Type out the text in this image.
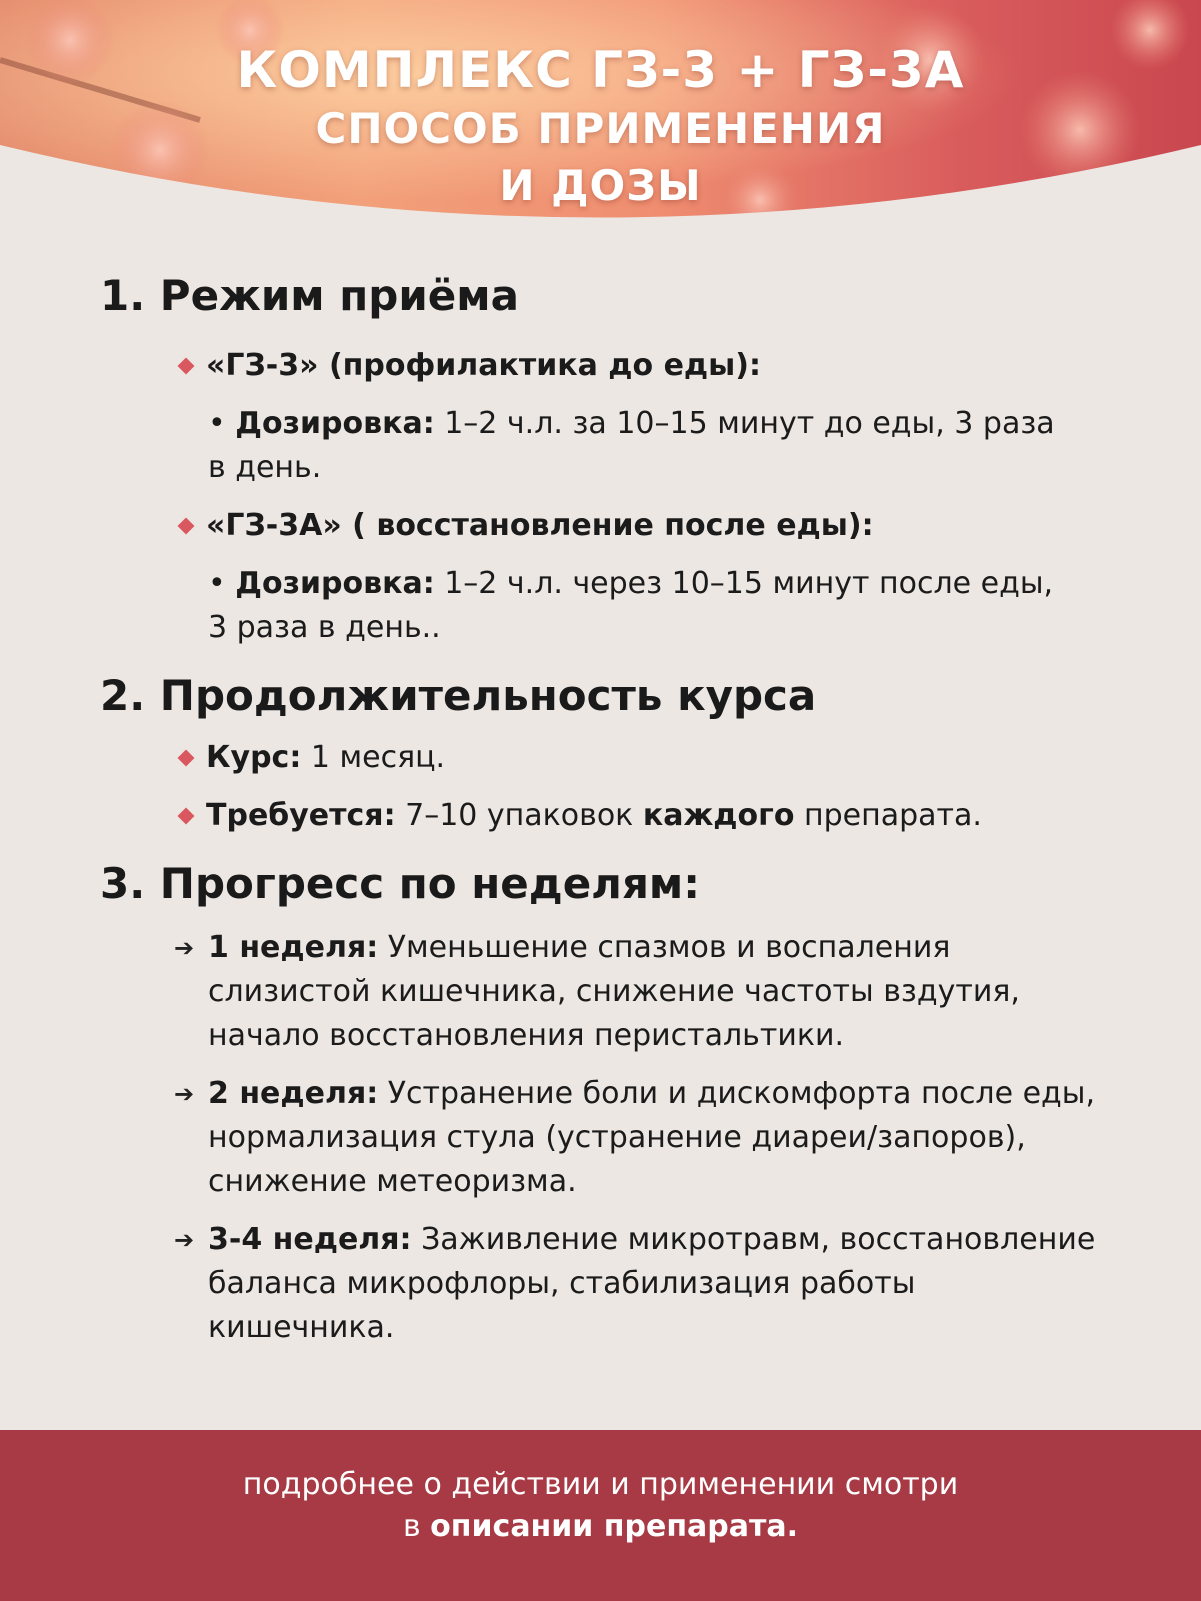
КОМПЛЕКС ГЗ-3 + ГЗ-3А
СПОСОБ ПРИМЕНЕНИЯ
И ДОЗЫ
1. Режим приёма
«ГЗ-3» (профилактика до еды):
• Дозировка: 1–2 ч.л. за 10–15 минут до еды, 3 раза в день.
«ГЗ-3А» ( восстановление после еды):
• Дозировка: 1–2 ч.л. через 10–15 минут после еды, 3 раза в день..
2. Продолжительность курса
Курс: 1 месяц.
Требуется: 7–10 упаковок каждого препарата.
3. Прогресс по неделям:
➔ 1 неделя: Уменьшение спазмов и воспаления слизистой кишечника, снижение частоты вздутия, начало восстановления перистальтики.
➔ 2 неделя: Устранение боли и дискомфорта после еды, нормализация стула (устранение диареи/запоров), снижение метеоризма.
➔ 3-4 неделя: Заживление микротравм, восстановление баланса микрофлоры, стабилизация работы кишечника.
подробнее о действии и применении смотри
в описании препарата.
